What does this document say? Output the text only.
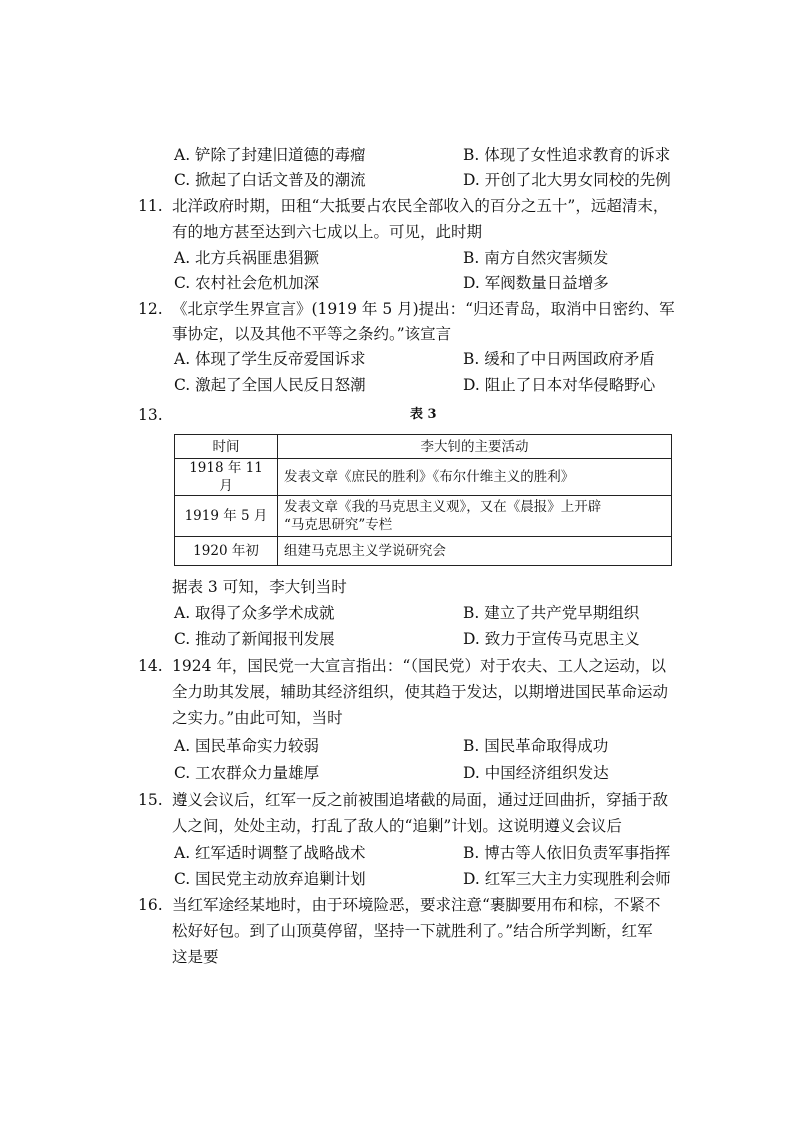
A. 铲除了封建旧道德的毒瘤	B. 体现了女性追求教育的诉求
C. 掀起了白话文普及的潮流	D. 开创了北大男女同校的先例
11. 北洋政府时期，田租“大抵要占农民全部收入的百分之五十”，远超清末，
有的地方甚至达到六七成以上。可见，此时期
A. 北方兵祸匪患猖獗	B. 南方自然灾害频发
C. 农村社会危机加深	D. 军阀数量日益增多
12. 《北京学生界宣言》(1919 年 5 月)提出：“归还青岛，取消中日密约、军
事协定，以及其他不平等之条约。”该宣言
A. 体现了学生反帝爱国诉求	B. 缓和了中日两国政府矛盾
C. 激起了全国人民反日怒潮	D. 阻止了日本对华侵略野心
13.	表 3
时间	李大钊的主要活动
1918 年 11 月	发表文章《庶民的胜利》《布尔什维主义的胜利》
1919 年 5 月	发表文章《我的马克思主义观》，又在《晨报》上开辟
“马克思研究”专栏

1920 年初	组建马克思主义学说研究会
据表 3 可知，李大钊当时
A. 取得了众多学术成就	B. 建立了共产党早期组织
C. 推动了新闻报刊发展	D. 致力于宣传马克思主义
14. 1924 年，国民党一大宣言指出：“（国民党）对于农夫、工人之运动，以
全力助其发展，辅助其经济组织，使其趋于发达，以期增进国民革命运动
之实力。”由此可知，当时
A. 国民革命实力较弱	B. 国民革命取得成功
C. 工农群众力量雄厚	D. 中国经济组织发达
15. 遵义会议后，红军一反之前被围追堵截的局面，通过迂回曲折，穿插于敌
人之间，处处主动，打乱了敌人的“追剿”计划。这说明遵义会议后
A. 红军适时调整了战略战术	B. 博古等人依旧负责军事指挥
C. 国民党主动放弃追剿计划	D. 红军三大主力实现胜利会师
16. 当红军途经某地时，由于环境险恶，要求注意“裹脚要用布和棕，不紧不
松好好包。到了山顶莫停留，坚持一下就胜利了。”结合所学判断，红军
这是要
